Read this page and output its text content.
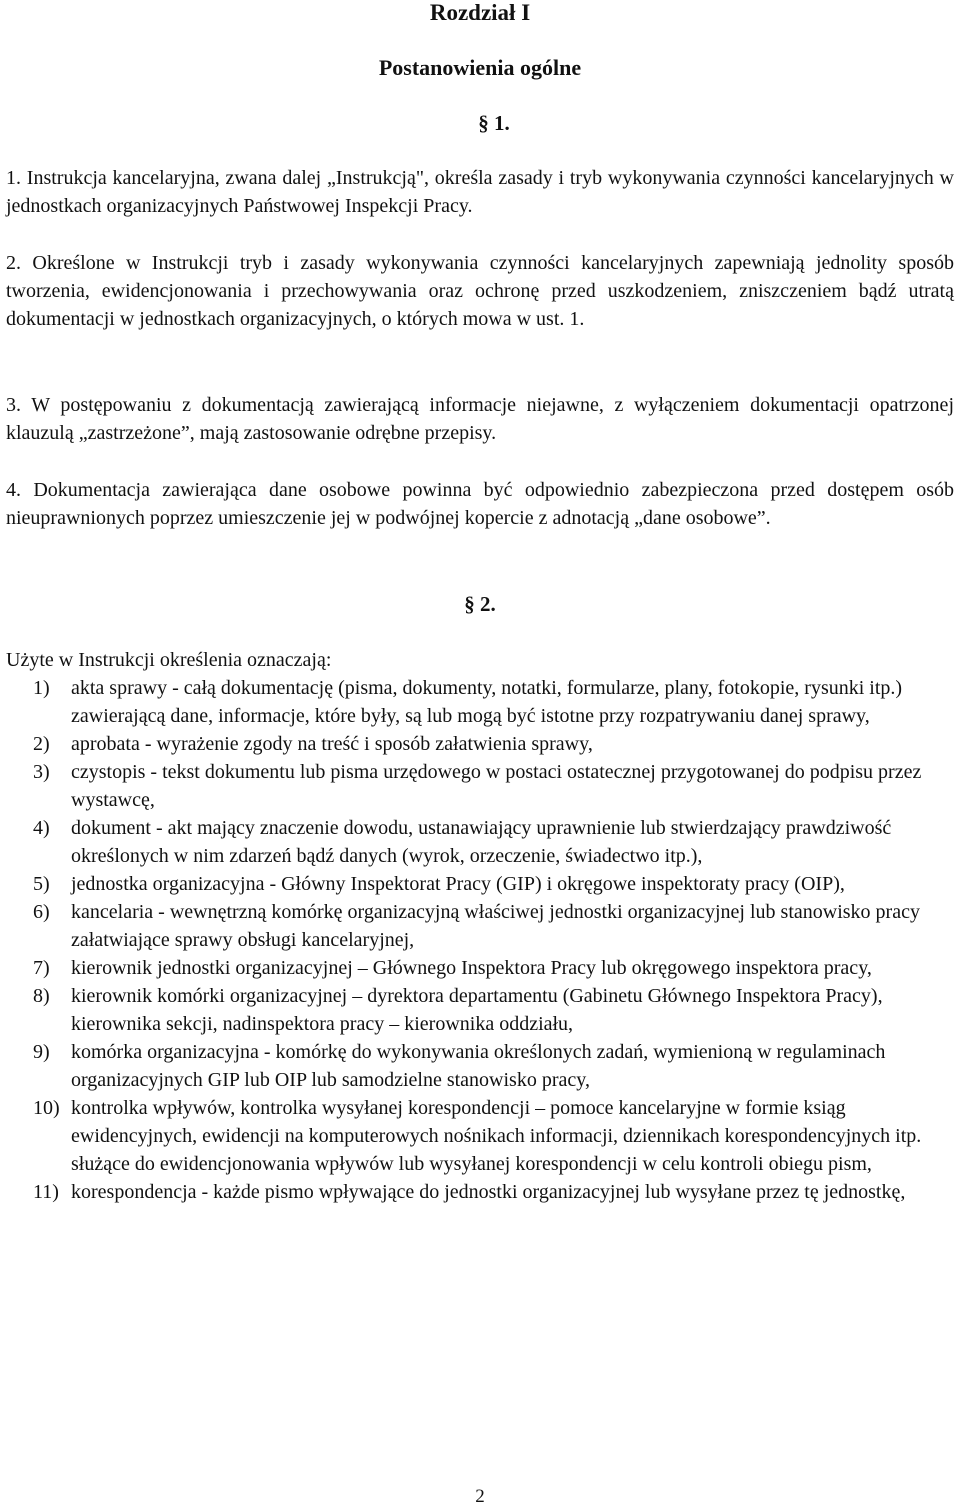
Rozdział I
Postanowienia ogólne
§ 1.
1. Instrukcja kancelaryjna, zwana dalej „Instrukcją", określa zasady i tryb wykonywania czynności kancelaryjnych w jednostkach organizacyjnych Państwowej Inspekcji Pracy.
2. Określone w Instrukcji tryb i zasady wykonywania czynności kancelaryjnych zapewniają jednolity sposób tworzenia, ewidencjonowania i przechowywania oraz ochronę przed uszkodzeniem, zniszczeniem bądź utratą dokumentacji w jednostkach organizacyjnych, o których mowa w ust. 1.
3. W postępowaniu z dokumentacją zawierającą informacje niejawne, z wyłączeniem dokumentacji opatrzonej klauzulą „zastrzeżone”, mają zastosowanie odrębne przepisy.
4. Dokumentacja zawierająca dane osobowe powinna być odpowiednio zabezpieczona przed dostępem osób nieuprawnionych poprzez umieszczenie jej w podwójnej kopercie z adnotacją „dane osobowe”.
§ 2.
Użyte w Instrukcji określenia oznaczają:
1) akta sprawy - całą dokumentację (pisma, dokumenty, notatki, formularze, plany, fotokopie, rysunki itp.) zawierającą dane, informacje, które były, są lub mogą być istotne przy rozpatrywaniu danej sprawy,
2) aprobata - wyrażenie zgody na treść i sposób załatwienia sprawy,
3) czystopis - tekst dokumentu lub pisma urzędowego w postaci ostatecznej przygotowanej do podpisu przez wystawcę,
4) dokument - akt mający znaczenie dowodu, ustanawiający uprawnienie lub stwierdzający prawdziwość określonych w nim zdarzeń bądź danych (wyrok, orzeczenie, świadectwo itp.),
5) jednostka organizacyjna - Główny Inspektorat Pracy (GIP) i okręgowe inspektoraty pracy (OIP),
6) kancelaria - wewnętrzną komórkę organizacyjną właściwej jednostki organizacyjnej lub stanowisko pracy załatwiające sprawy obsługi kancelaryjnej,
7) kierownik jednostki organizacyjnej – Głównego Inspektora Pracy lub okręgowego inspektora pracy,
8) kierownik komórki organizacyjnej – dyrektora departamentu (Gabinetu Głównego Inspektora Pracy), kierownika sekcji, nadinspektora pracy – kierownika oddziału,
9) komórka organizacyjna - komórkę do wykonywania określonych zadań, wymienioną w regulaminach organizacyjnych GIP lub OIP lub samodzielne stanowisko pracy,
10) kontrolka wpływów, kontrolka wysyłanej korespondencji – pomoce kancelaryjne w formie ksiąg ewidencyjnych, ewidencji na komputerowych nośnikach informacji, dziennikach korespondencyjnych itp. służące do ewidencjonowania wpływów lub wysyłanej korespondencji w celu kontroli obiegu pism,
11) korespondencja - każde pismo wpływające do jednostki organizacyjnej lub wysyłane przez tę jednostkę,
2
